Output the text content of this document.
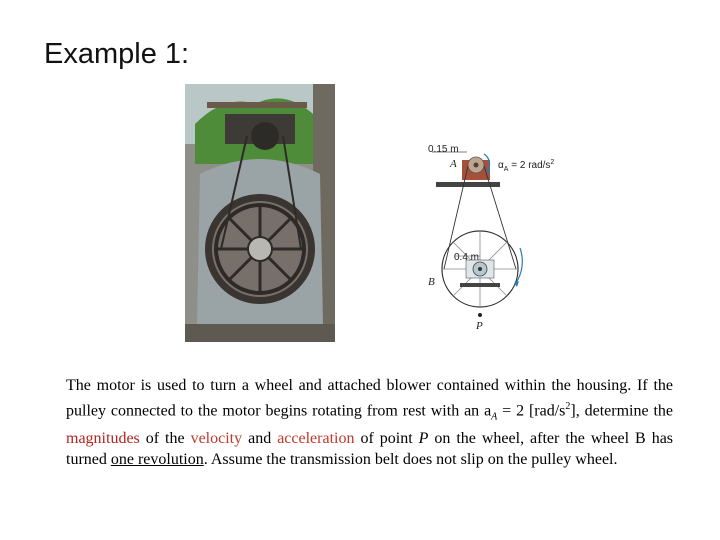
Example 1:
0.15 m
A	$\alpha_A = 2$ rad/$s^2$
0.4 m
B
P
The motor is used to turn a wheel and attached blower contained within the housing. If the pulley connected to the motor begins rotating from rest with an $a_A = 2$ $[rad/s^2]$, determine the magnitudes of the velocity and acceleration of point P on the wheel, after the wheel B has turned one revolution. Assume the transmission belt does not slip on the pulley wheel.
